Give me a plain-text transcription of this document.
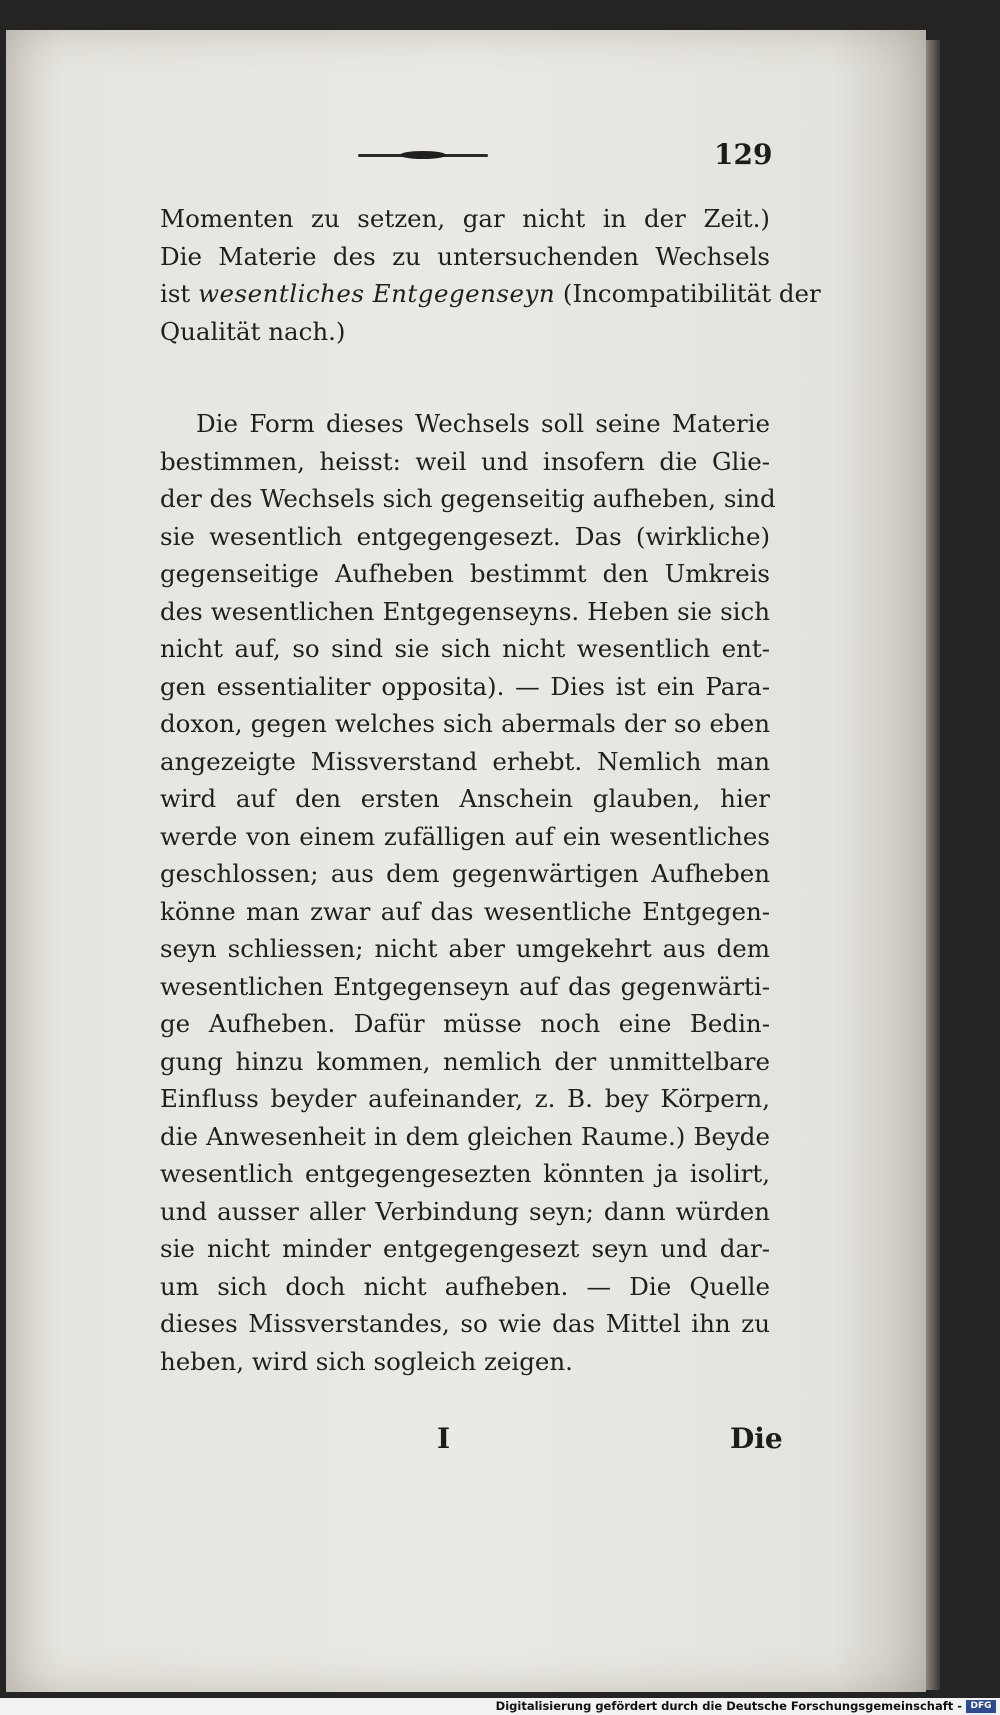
129
Momenten zu setzen, gar nicht in der Zeit.)
Die Materie des zu untersuchenden Wechsels
ist wesentliches Entgegenseyn (Incompatibilität der
Qualität nach.)
Die Form dieses Wechsels soll seine Materie
bestimmen, heisst: weil und insofern die Glie-
der des Wechsels sich gegenseitig aufheben, sind
sie wesentlich entgegengesezt. Das (wirkliche)
gegenseitige Aufheben bestimmt den Umkreis
des wesentlichen Entgegenseyns. Heben sie sich
nicht auf, so sind sie sich nicht wesentlich ent-
gen essentialiter opposita). — Dies ist ein Para-
doxon, gegen welches sich abermals der so eben
angezeigte Missverstand erhebt. Nemlich man
wird auf den ersten Anschein glauben, hier
werde von einem zufälligen auf ein wesentliches
geschlossen; aus dem gegenwärtigen Aufheben
könne man zwar auf das wesentliche Entgegen-
seyn schliessen; nicht aber umgekehrt aus dem
wesentlichen Entgegenseyn auf das gegenwärti-
ge Aufheben. Dafür müsse noch eine Bedin-
gung hinzu kommen, nemlich der unmittelbare
Einfluss beyder aufeinander, z. B. bey Körpern,
die Anwesenheit in dem gleichen Raume.) Beyde
wesentlich entgegengesezten könnten ja isolirt,
und ausser aller Verbindung seyn; dann würden
sie nicht minder entgegengesezt seyn und dar-
um sich doch nicht aufheben. — Die Quelle
dieses Missverstandes, so wie das Mittel ihn zu
heben, wird sich sogleich zeigen.
I	Die
Digitalisierung gefördert durch die Deutsche Forschungsgemeinschaft - DFG
